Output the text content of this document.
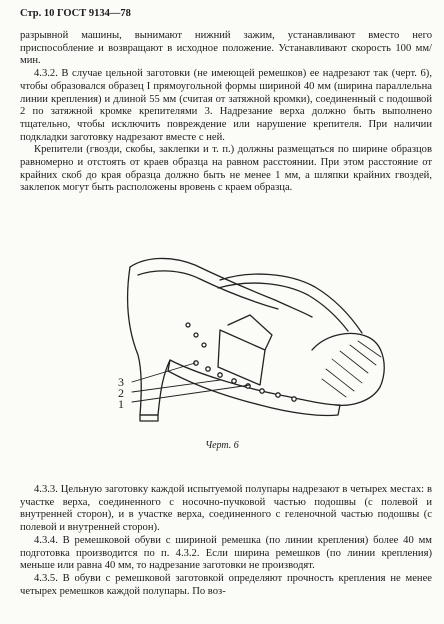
Стр. 10 ГОСТ 9134—78

разрывной машины, вынимают нижний зажим, устанавливают вместо него приспособление и возвращают в исходное положение. Устанавливают скорость 100 мм/мин.

4.3.2. В случае цельной заготовки (не имеющей ремешков) ее надрезают так (черт. 6), чтобы образовался образец I прямоугольной формы шириной 40 мм (ширина параллельна линии крепления) и длиной 55 мм (считая от затяжной кромки), соединенный с подошвой 2 по затяжной кромке крепителями 3. Надрезание верха должно быть выполнено тщательно, чтобы исключить повреждение или нарушение крепителя. При наличии подкладки заготовку надрезают вместе с ней.

Крепители (гвозди, скобы, заклепки и т. п.) должны размещаться по ширине образцов равномерно и отстоять от краев образца на равном расстоянии. При этом расстояние от крайних скоб до края образца должно быть не менее 1 мм, а шляпки крайних гвоздей, заклепок могут быть расположены вровень с краем образца.

3
2
1
Черт. 6

4.3.3. Цельную заготовку каждой испытуемой полупары надрезают в четырех местах: в участке верха, соединенного с носочно-пучковой частью подошвы (с полевой и внутренней сторон), и в участке верха, соединенного с геленочной частью подошвы (с полевой и внутренней сторон).

4.3.4. В ремешковой обуви с шириной ремешка (по линии крепления) более 40 мм подготовка производится по п. 4.3.2. Если ширина ремешков (по линии крепления) меньше или равна 40 мм, то надрезание заготовки не производят.

4.3.5. В обуви с ремешковой заготовкой определяют прочность крепления не менее четырех ремешков каждой полупары. По воз-
